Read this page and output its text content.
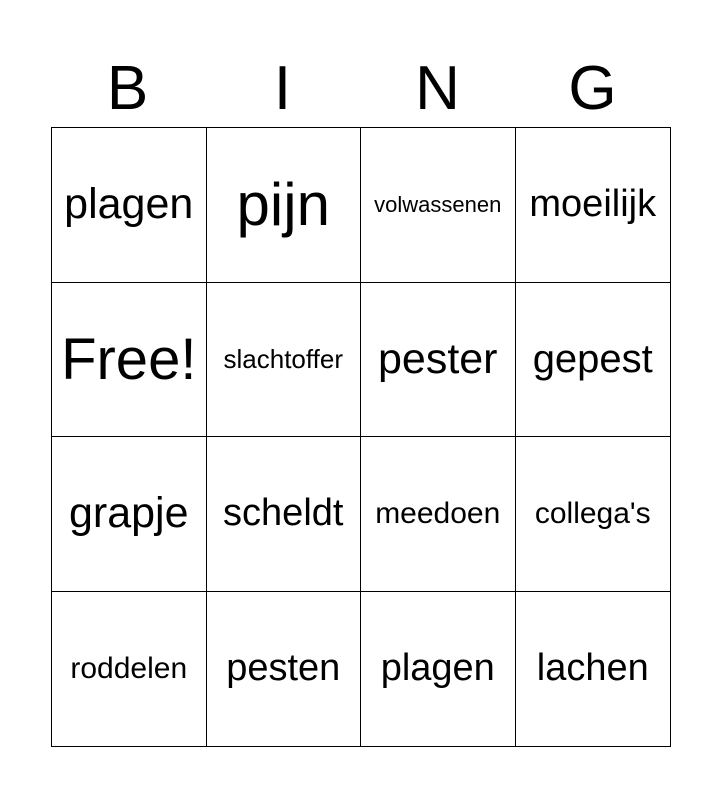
B	I	N	G
plagen pijn volwassenen moeilijk
Free! slachtoffer pester gepest
grapje scheldt meedoen collega's
roddelen pesten plagen lachen
